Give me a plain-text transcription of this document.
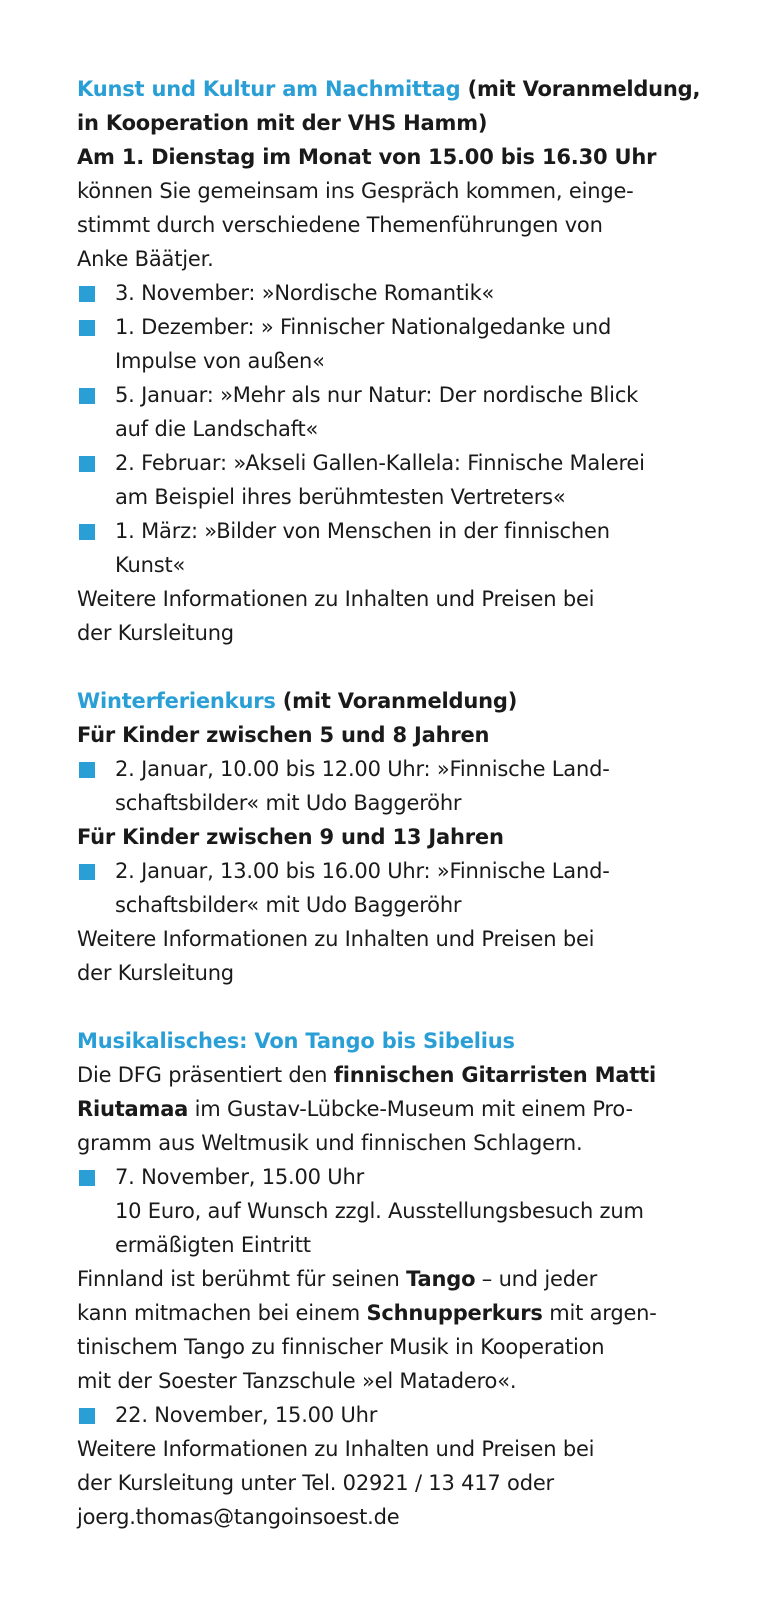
Kunst und Kultur am Nachmittag (mit Voranmeldung,
in Kooperation mit der VHS Hamm)
Am 1. Dienstag im Monat von 15.00 bis 16.30 Uhr
können Sie gemeinsam ins Gespräch kommen, einge-
stimmt durch verschiedene Themenführungen von
Anke Bäätjer.
3. November: »Nordische Romantik«
1. Dezember: » Finnischer Nationalgedanke und
Impulse von außen«
5. Januar: »Mehr als nur Natur: Der nordische Blick
auf die Landschaft«
2. Februar: »Akseli Gallen-Kallela: Finnische Malerei
am Beispiel ihres berühmtesten Vertreters«
1. März: »Bilder von Menschen in der finnischen
Kunst«
Weitere Informationen zu Inhalten und Preisen bei
der Kursleitung
Winterferienkurs (mit Voranmeldung)
Für Kinder zwischen 5 und 8 Jahren
2. Januar, 10.00 bis 12.00 Uhr: »Finnische Land-
schaftsbilder« mit Udo Baggeröhr
Für Kinder zwischen 9 und 13 Jahren
2. Januar, 13.00 bis 16.00 Uhr: »Finnische Land-
schaftsbilder« mit Udo Baggeröhr
Weitere Informationen zu Inhalten und Preisen bei
der Kursleitung
Musikalisches: Von Tango bis Sibelius
Die DFG präsentiert den finnischen Gitarristen Matti
Riutamaa im Gustav-Lübcke-Museum mit einem Pro-
gramm aus Weltmusik und finnischen Schlagern.
7. November, 15.00 Uhr
10 Euro, auf Wunsch zzgl. Ausstellungsbesuch zum
ermäßigten Eintritt
Finnland ist berühmt für seinen Tango – und jeder
kann mitmachen bei einem Schnupperkurs mit argen-
tinischem Tango zu finnischer Musik in Kooperation
mit der Soester Tanzschule »el Matadero«.
22. November, 15.00 Uhr
Weitere Informationen zu Inhalten und Preisen bei
der Kursleitung unter Tel. 02921 / 13 417 oder
joerg.thomas@tangoinsoest.de
